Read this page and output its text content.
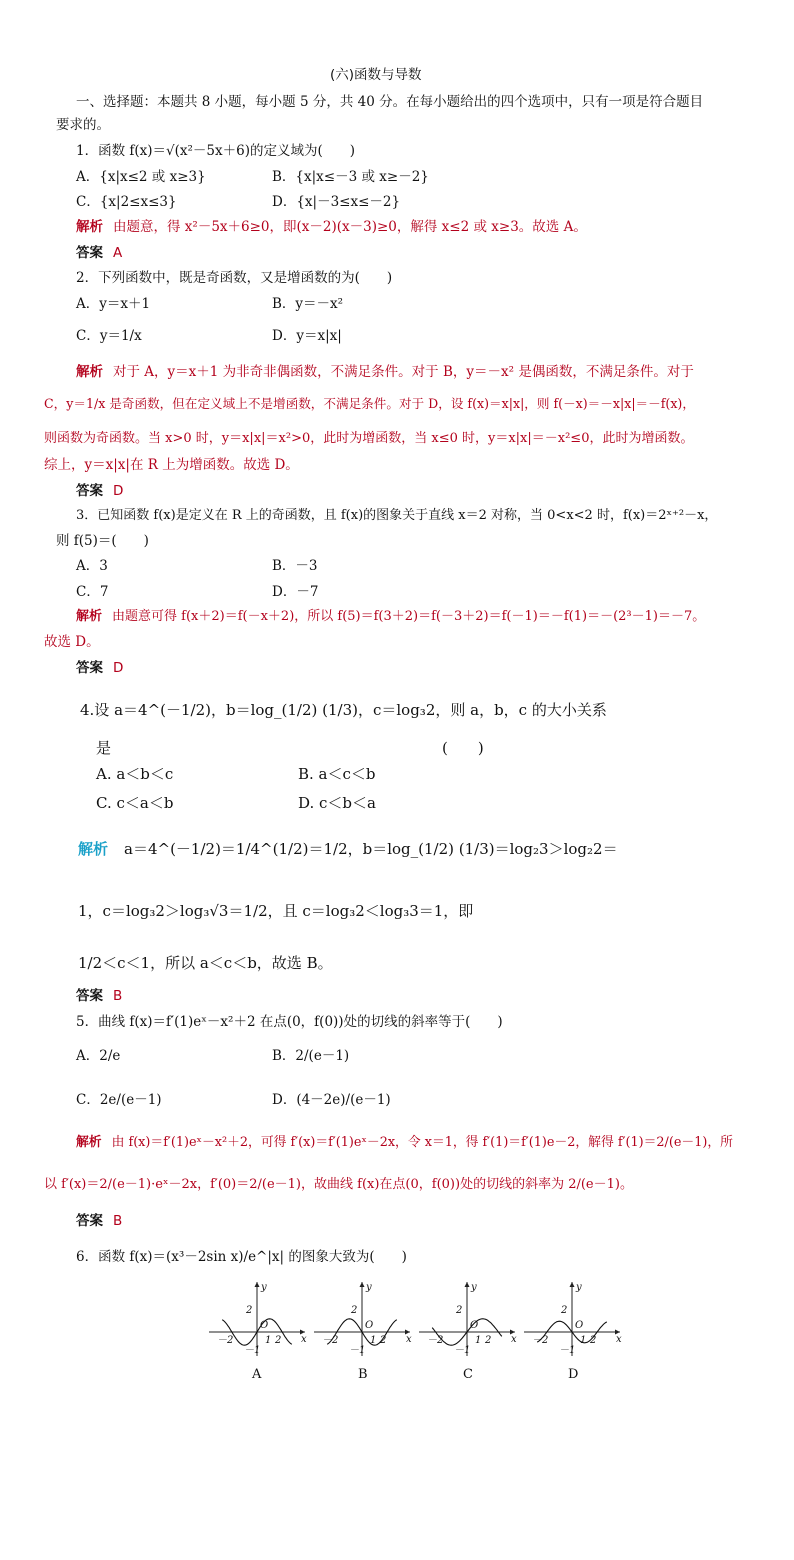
(六)函数与导数
一、选择题：本题共 8 小题，每小题 5 分，共 40 分。在每小题给出的四个选项中，只有一项是符合题目
要求的。
1．函数 f(x)＝√(x²－5x＋6)的定义域为(　　)
A．{x|x≤2 或 x≥3}	B．{x|x≤－3 或 x≥－2}
C．{x|2≤x≤3}	D．{x|－3≤x≤－2}
解析 由题意，得 x²－5x＋6≥0，即(x－2)(x－3)≥0，解得 x≤2 或 x≥3。故选 A。
答案 A
2．下列函数中，既是奇函数，又是增函数的为(　　)
A．y＝x＋1	B．y＝－x²
C．y＝1/x	D．y＝x|x|
解析 对于 A，y＝x＋1 为非奇非偶函数，不满足条件。对于 B，y＝－x² 是偶函数，不满足条件。对于
C，y＝1/x 是奇函数，但在定义域上不是增函数，不满足条件。对于 D，设 f(x)＝x|x|，则 f(－x)＝－x|x|＝－f(x)，
则函数为奇函数。当 x>0 时，y＝x|x|＝x²>0，此时为增函数，当 x≤0 时，y＝x|x|＝－x²≤0，此时为增函数。
综上，y＝x|x|在 R 上为增函数。故选 D。
答案 D
3．已知函数 f(x)是定义在 R 上的奇函数，且 f(x)的图象关于直线 x＝2 对称，当 0<x<2 时，f(x)＝2ˣ⁺²－x，
则 f(5)＝(　　)
A．3	B．－3
C．7	D．－7
解析 由题意可得 f(x＋2)＝f(－x＋2)，所以 f(5)＝f(3＋2)＝f(－3＋2)＝f(－1)＝－f(1)＝－(2³－1)＝－7。
故选 D。
答案 D
4.设 a＝4^(－1/2)，b＝log_(1/2) (1/3)，c＝log₃2，则 a，b，c 的大小关系
是	(　　)
A. a＜b＜c	B. a＜c＜b
C. c＜a＜b	D. c＜b＜a
解析 a＝4^(－1/2)＝1/4^(1/2)＝1/2，b＝log_(1/2) (1/3)＝log₂3＞log₂2＝
1，c＝log₃2＞log₃√3＝1/2，且 c＝log₃2＜log₃3＝1，即
1/2＜c＜1，所以 a＜c＜b，故选 B。
答案 B
5．曲线 f(x)＝f′(1)eˣ－x²＋2 在点(0，f(0))处的切线的斜率等于(　　)
A．2/e	B．2/(e－1)
C．2e/(e－1)	D．(4－2e)/(e－1)
解析 由 f(x)＝f′(1)eˣ－x²＋2，可得 f′(x)＝f′(1)eˣ－2x，令 x＝1，得 f′(1)＝f′(1)e－2，解得 f′(1)＝2/(e－1)，所
以 f′(x)＝2/(e－1)·eˣ－2x，f′(0)＝2/(e－1)，故曲线 f(x)在点(0，f(0))处的切线的斜率为 2/(e－1)。
答案 B
6．函数 f(x)＝(x³－2sin x)/e^|x| 的图象大致为(　　)
y
x
O
2
1 2
－2
－1
y
x
O
2
1 2
－2
－1
y
x
O
2
1 2
－2
－1
y
x
O
2
1 2
－2
－1
A	B	C	D
